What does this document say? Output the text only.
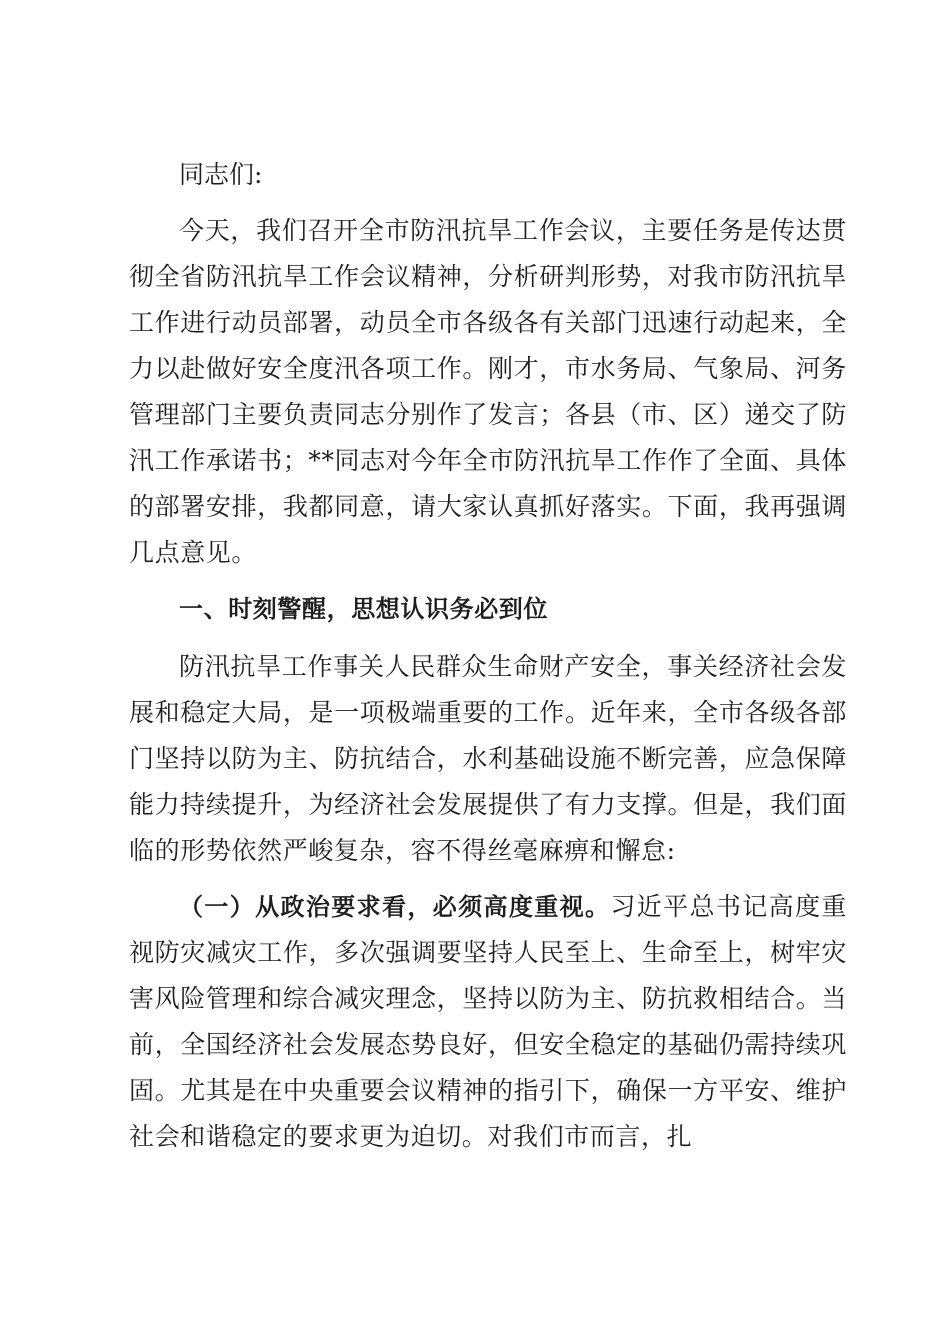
同志们:

今天，我们召开全市防汛抗旱工作会议，主要任务是传达贯彻全省防汛抗旱工作会议精神，分析研判形势，对我市防汛抗旱工作进行动员部署，动员全市各级各有关部门迅速行动起来，全力以赴做好安全度汛各项工作。刚才，市水务局、气象局、河务管理部门主要负责同志分别作了发言；各县（市、区）递交了防汛工作承诺书；**同志对今年全市防汛抗旱工作作了全面、具体的部署安排，我都同意，请大家认真抓好落实。下面，我再强调几点意见。

一、时刻警醒，思想认识务必到位

防汛抗旱工作事关人民群众生命财产安全，事关经济社会发展和稳定大局，是一项极端重要的工作。近年来，全市各级各部门坚持以防为主、防抗结合，水利基础设施不断完善，应急保障能力持续提升，为经济社会发展提供了有力支撑。但是，我们面临的形势依然严峻复杂，容不得丝毫麻痹和懈怠:

（一）从政治要求看，必须高度重视。习近平总书记高度重视防灾减灾工作，多次强调要坚持人民至上、生命至上，树牢灾害风险管理和综合减灾理念，坚持以防为主、防抗救相结合。当前，全国经济社会发展态势良好，但安全稳定的基础仍需持续巩固。尤其是在中央重要会议精神的指引下，确保一方平安、维护社会和谐稳定的要求更为迫切。对我们市而言，扎
